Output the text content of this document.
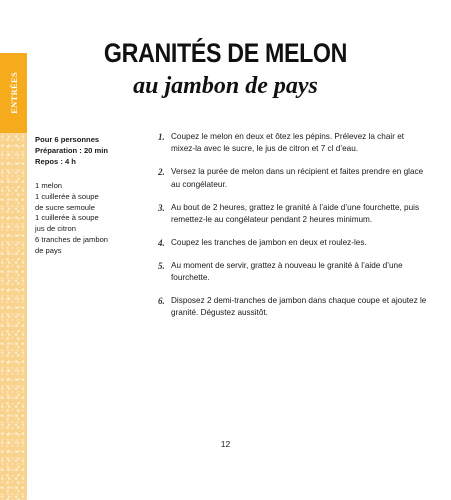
ENTRÉES
GRANITÉS DE MELON
au jambon de pays
Pour 6 personnes
Préparation : 20 min
Repos : 4 h
1 melon
1 cuillerée à soupe
de sucre semoule
1 cuillerée à soupe
jus de citron
6 tranches de jambon
de pays
1. Coupez le melon en deux et ôtez les pépins. Prélevez la chair et mixez-la avec le sucre, le jus de citron et 7 cl d’eau.
2. Versez la purée de melon dans un récipient et faites prendre en glace au congélateur.
3. Au bout de 2 heures, grattez le granité à l’aide d’une fourchette, puis remettez-le au congélateur pendant 2 heures minimum.
4. Coupez les tranches de jambon en deux et roulez-les.
5. Au moment de servir, grattez à nouveau le granité à l’aide d’une fourchette.
6. Disposez 2 demi-tranches de jambon dans chaque coupe et ajoutez le granité. Dégustez aussitôt.
12
